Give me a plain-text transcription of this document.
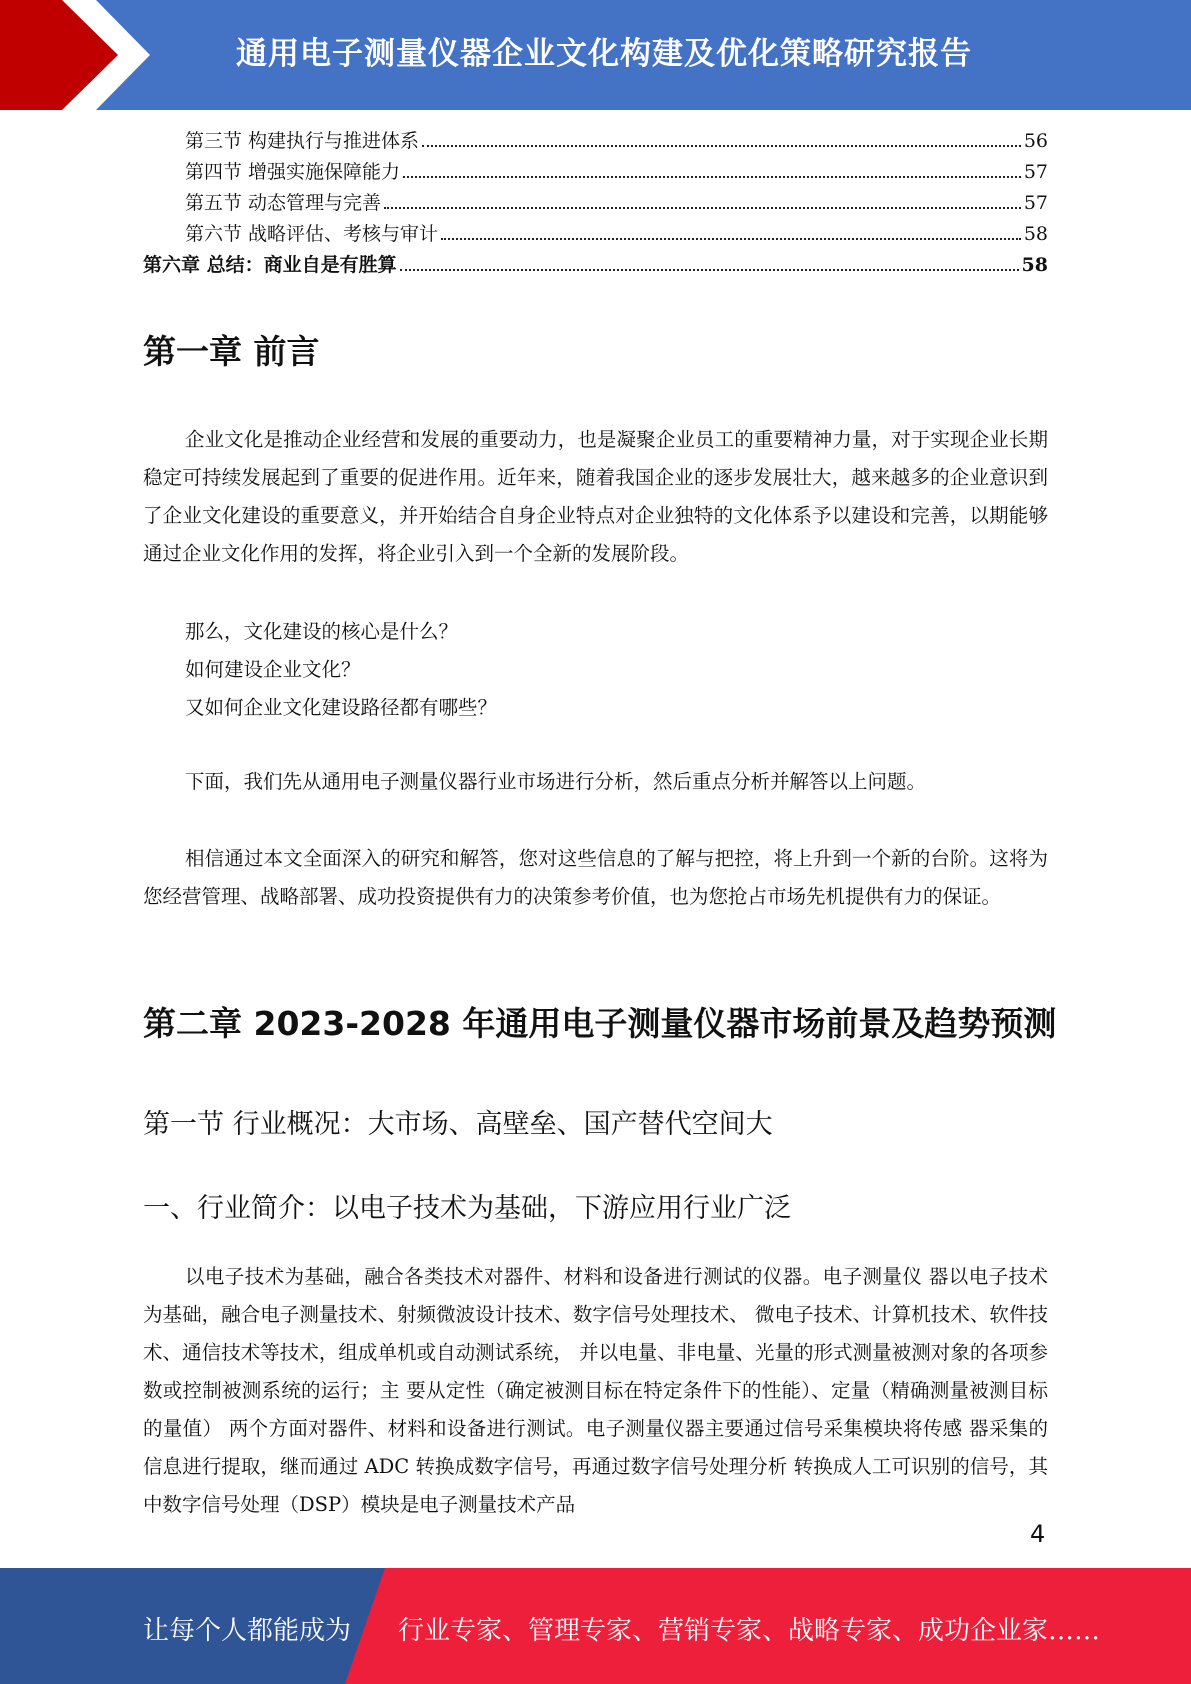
通用电子测量仪器企业文化构建及优化策略研究报告
第三节 构建执行与推进体系	56
第四节 增强实施保障能力	57
第五节 动态管理与完善	57
第六节 战略评估、考核与审计	58
第六章 总结：商业自是有胜算	58
第一章 前言
企业文化是推动企业经营和发展的重要动力，也是凝聚企业员工的重要精神力量，对于实现企业长期稳定可持续发展起到了重要的促进作用。近年来，随着我国企业的逐步发展壮大，越来越多的企业意识到了企业文化建设的重要意义，并开始结合自身企业特点对企业独特的文化体系予以建设和完善，以期能够通过企业文化作用的发挥，将企业引入到一个全新的发展阶段。
那么，文化建设的核心是什么？
如何建设企业文化？
又如何企业文化建设路径都有哪些？
下面，我们先从通用电子测量仪器行业市场进行分析，然后重点分析并解答以上问题。
相信通过本文全面深入的研究和解答，您对这些信息的了解与把控，将上升到一个新的台阶。这将为您经营管理、战略部署、成功投资提供有力的决策参考价值，也为您抢占市场先机提供有力的保证。
第二章 2023-2028 年通用电子测量仪器市场前景及趋势预测
第一节 行业概况：大市场、高壁垒、国产替代空间大
一、行业简介：以电子技术为基础，下游应用行业广泛
以电子技术为基础，融合各类技术对器件、材料和设备进行测试的仪器。电子测量仪 器以电子技术为基础，融合电子测量技术、射频微波设计技术、数字信号处理技术、 微电子技术、计算机技术、软件技术、通信技术等技术，组成单机或自动测试系统， 并以电量、非电量、光量的形式测量被测对象的各项参数或控制被测系统的运行；主 要从定性（确定被测目标在特定条件下的性能）、定量（精确测量被测目标的量值） 两个方面对器件、材料和设备进行测试。电子测量仪器主要通过信号采集模块将传感 器采集的信息进行提取，继而通过 ADC 转换成数字信号，再通过数字信号处理分析 转换成人工可识别的信号，其中数字信号处理（DSP）模块是电子测量技术产品
4
让每个人都能成为 行业专家、管理专家、营销专家、战略专家、成功企业家……
